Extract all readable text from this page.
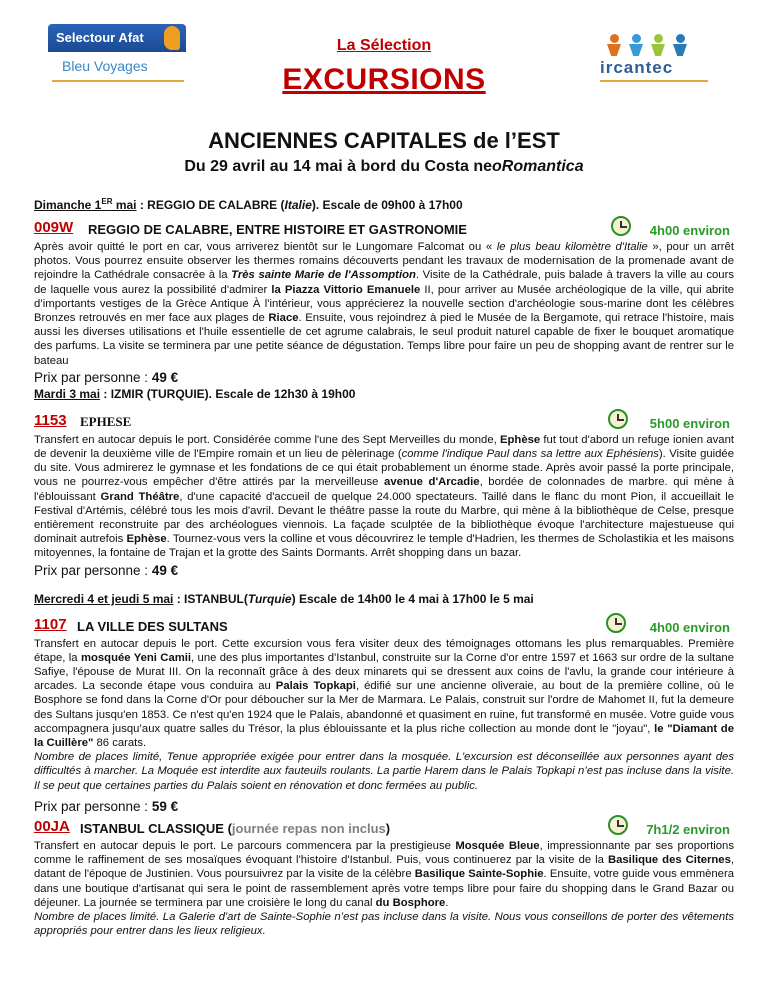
Selectour Afat
Bleu Voyages
La Sélection
EXCURSIONS	ircantec
ANCIENNES CAPITALES de l’EST
Du 29 avril au 14 mai à bord du Costa neoRomantica
Dimanche 1ER mai : REGGIO DE CALABRE (Italie). Escale de 09h00 à 17h00
009W REGGIO DE CALABRE, ENTRE HISTOIRE ET GASTRONOMIE	4h00 environ
Après avoir quitté le port en car, vous arriverez bientôt sur le Lungomare Falcomat ou « le plus beau kilomètre d'Italie », pour un arrêt photos. Vous pourrez ensuite observer les thermes romains découverts pendant les travaux de modernisation de la promenade avant de rejoindre la Cathédrale consacrée à la Très sainte Marie de l'Assomption. Visite de la Cathédrale, puis balade à travers la ville au cours de laquelle vous aurez la possibilité d'admirer la Piazza Vittorio Emanuele II, pour arriver au Musée archéologique de la ville, qui abrite d’importants vestiges de la Grèce Antique À l'intérieur, vous apprécierez la nouvelle section d'archéologie sous-marine dont les célèbres Bronzes retrouvés en mer face aux plages de Riace. Ensuite, vous rejoindrez à pied le Musée de la Bergamote, qui retrace l'histoire, mais aussi les diverses utilisations et l'huile essentielle de cet agrume calabrais, le seul produit naturel capable de fixer le bouquet aromatique des parfums. La visite se terminera par une petite séance de dégustation. Temps libre pour faire un peu de shopping avant de rentrer sur le bateau
Prix par personne : 49 €
Mardi 3 mai : IZMIR (TURQUIE). Escale de 12h30 à 19h00
1153 EPHESE	5h00 environ
Transfert en autocar depuis le port. Considérée comme l'une des Sept Merveilles du monde, Ephèse fut tout d'abord un refuge ionien avant de devenir la deuxième ville de l'Empire romain et un lieu de pèlerinage (comme l'indique Paul dans sa lettre aux Ephésiens). Visite guidée du site. Vous admirerez le gymnase et les fondations de ce qui était probablement un énorme stade. Après avoir passé la porte principale, vous ne pourrez-vous empêcher d'être attirés par la merveilleuse avenue d'Arcadie, bordée de colonnades de marbre. qui mène à l'éblouissant Grand Théâtre, d'une capacité d'accueil de quelque 24.000 spectateurs. Taillé dans le flanc du mont Pion, il accueillait le Festival d'Artémis, célébré tous les mois d'avril. Devant le théâtre passe la route du Marbre, qui mène à la bibliothèque de Celse, presque entièrement reconstruite par des archéologues viennois. La façade sculptée de la bibliothèque évoque l'architecture majestueuse qui dominait autrefois Ephèse. Tournez-vous vers la colline et vous découvrirez le temple d'Hadrien, les thermes de Scholastikia et les maisons mitoyennes, la fontaine de Trajan et la grotte des Saints Dormants. Arrêt shopping dans un bazar.
Prix par personne : 49 €
Mercredi 4 et jeudi 5 mai : ISTANBUL(Turquie) Escale de 14h00 le 4 mai à 17h00 le 5 mai
1107 LA VILLE DES SULTANS	4h00 environ
Transfert en autocar depuis le port. Cette excursion vous fera visiter deux des témoignages ottomans les plus remarquables. Première étape, la mosquée Yeni Camii, une des plus importantes d'Istanbul, construite sur la Corne d'or entre 1597 et 1663 sur ordre de la sultane Safiye, l'épouse de Murat III. On la reconnaît grâce à des deux minarets qui se dressent aux coins de l'avlu, la grande cour intérieure à arcades. La seconde étape vous conduira au Palais Topkapi, édifié sur une ancienne oliveraie, au bout de la première colline, où le Bosphore se fond dans la Corne d'Or pour déboucher sur la Mer de Marmara. Le Palais, construit sur l'ordre de Mahomet II, fut la demeure des Sultans jusqu'en 1853. Ce n'est qu'en 1924 que le Palais, abandonné et quasiment en ruine, fut transformé en musée. Votre guide vous accompagnera jusqu’aux quatre salles du Trésor, la plus éblouissante et la plus riche collection au monde dont le "joyau", le "Diamant de la Cuillère" 86 carats.
Nombre de places limité, Tenue appropriée exigée pour entrer dans la mosquée. L'excursion est déconseillée aux personnes ayant des difficultés à marcher. La Moquée est interdite aux fauteuils roulants. La partie Harem dans le Palais Topkapi n’est pas incluse dans la visite. Il se peut que certaines parties du Palais soient en rénovation et donc fermées au public.
Prix par personne : 59 €
00JA ISTANBUL CLASSIQUE (journée repas non inclus)	7h1/2 environ
Transfert en autocar depuis le port. Le parcours commencera par la prestigieuse Mosquée Bleue, impressionnante par ses proportions comme le raffinement de ses mosaïques évoquant l'histoire d'Istanbul. Puis, vous continuerez par la visite de la Basilique des Citernes, datant de l'époque de Justinien. Vous poursuivrez par la visite de la célèbre Basilique Sainte-Sophie. Ensuite, votre guide vous emmènera dans une boutique d'artisanat qui sera le point de rassemblement après votre temps libre pour faire du shopping dans le Grand Bazar ou déjeuner. La journée se terminera par une croisière le long du canal du Bosphore.
Nombre de places limité. La Galerie d'art de Sainte-Sophie n’est pas incluse dans la visite. Nous vous conseillons de porter des vêtements appropriés pour entrer dans les lieux religieux.
